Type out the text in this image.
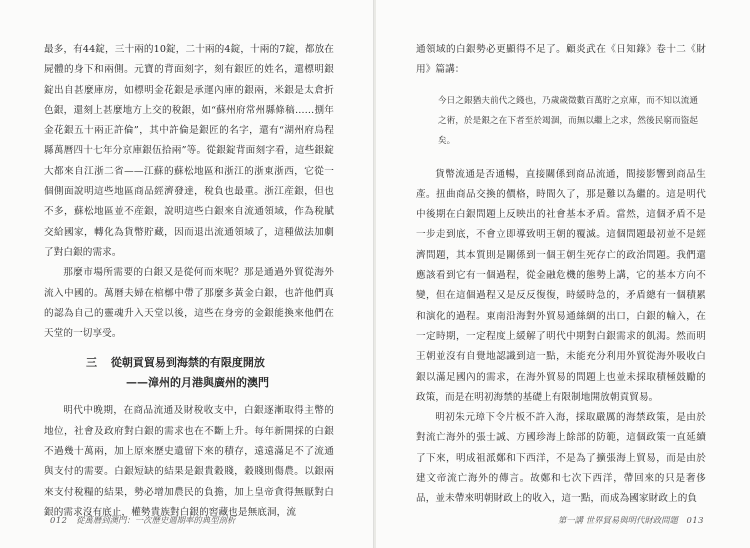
最多，有44錠，三十兩的10錠，二十兩的4錠，十兩的7錠，都放在屍體的身下和兩側。元寶的背面刻字，刻有銀匠的姓名，還標明銀錠出自甚麼庫房，如標明金花銀是承運內庫的銀兩，米銀是太倉折色銀，還刻上甚麼地方上交的稅銀，如“蘇州府常州縣條稿……捌年金花銀五十兩正許倫”，其中許倫是銀匠的名字，還有“湖州府烏程縣萬曆四十七年分京庫銀伍拾兩”等。從銀錠背面刻字看，這些銀錠大都來自江浙二省——江蘇的蘇松地區和浙江的浙東浙西，它從一個側面說明這些地區商品經濟發達，稅負也最重。浙江産銀，但也不多，蘇松地區並不産銀，說明這些白銀來自流通領域，作為稅賦交給國家，轉化為貨幣貯藏，因而退出流通領域了，這種做法加劇了對白銀的需求。

那麼市場所需要的白銀又是從何而來呢？那是通過外貿從海外流入中國的。萬曆夫婦在棺槨中帶了那麼多黃金白銀，也許他們真的認為自己的靈魂升入天堂以後，這些在身旁的金銀能換來他們在天堂的一切享受。

三 從朝貢貿易到海禁的有限度開放
——漳州的月港與廣州的澳門

明代中晚期，在商品流通及財稅收支中，白銀逐漸取得主幣的地位，社會及政府對白銀的需求也在不斷上升。每年新開採的白銀不過幾十萬兩，加上原來歷史遺留下來的積存，遠遠滿足不了流通與支付的需要。白銀短缺的結果是銀貴穀賤，穀賤則傷農。以銀兩來支付稅糧的結果，勢必增加農民的負擔，加上皇帝貪得無厭對白銀的需求沒有底止，權勢貴族對白銀的窖藏也是無底洞，流

012 從萬曆到澳門：一次歷史週期率的典型剖析

通領域的白銀勢必更顯得不足了。顧炎武在《日知錄》卷十二《財用》篇講：

今日之銀猶夫前代之錢也，乃歲歲徵數百萬貯之京庫，而不知以流通之術，於是銀之在下者至於竭涸，而無以繼上之求，然後民窮而盜起矣。

貨幣流通是否通暢，直接關係到商品流通，間接影響到商品生產。扭曲商品交換的價格，時間久了，那是難以為繼的。這是明代中後期在白銀問題上反映出的社會基本矛盾。當然，這個矛盾不是一步走到底，不會立即導致明王朝的覆滅。這個問題最初並不是經濟問題，其本質則是關係到一個王朝生死存亡的政治問題。我們還應該看到它有一個過程，從金融危機的態勢上講，它的基本方向不變，但在這個過程又是反反復復，時緩時急的，矛盾總有一個積累和演化的過程。東南沿海對外貿易通絲綢的出口，白銀的輸入，在一定時期，一定程度上緩解了明代中期對白銀需求的飢渴。然而明王朝並沒有自覺地認識到這一點，未能充分利用外貿從海外吸收白銀以滿足國內的需求，在海外貿易的問題上也並未採取積極鼓勵的政策，而是在明初海禁的基礎上有限制地開放朝貢貿易。

明初朱元璋下令片板不許入海，採取嚴厲的海禁政策，是由於對流亡海外的張士誠、方國珍海上餘部的防範，這個政策一直延續了下來，明成祖派鄭和下西洋，不是為了擴張海上貿易，而是由於建文帝流亡海外的傳言。故鄭和七次下西洋，帶回來的只是奢侈品，並未帶來明朝財政上的收入，這一點，而成為國家財政上的負

第一講 世界貿易與明代財政問題 013
